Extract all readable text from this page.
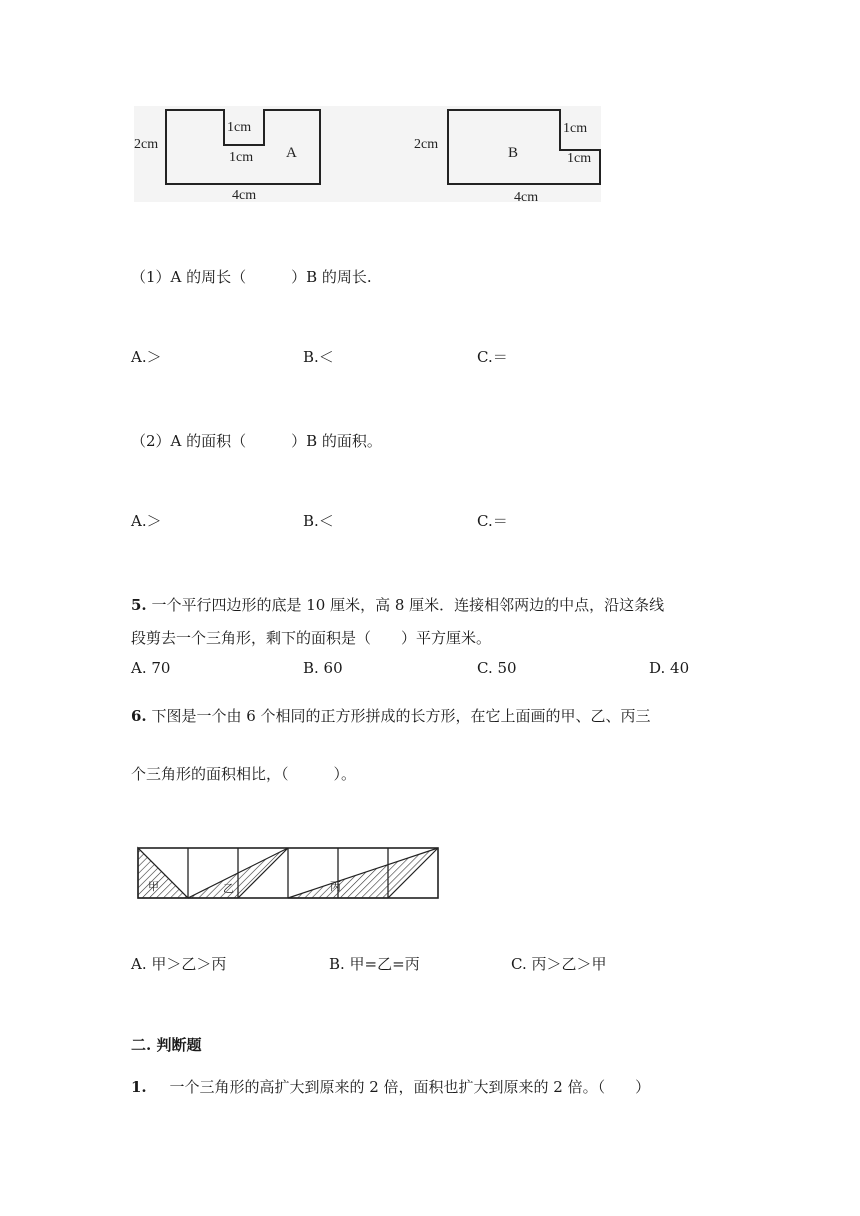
2cm
1cm
1cm A
4cm
2cm
1cm
1cm
B
4cm
（1）A 的周长（　　　）B 的周长.
A.＞	B.＜	C.＝
（2）A 的面积（　　　）B 的面积。
A.＞	B.＜	C.＝
5. 一个平行四边形的底是 10 厘米，高 8 厘米．连接相邻两边的中点，沿这条线
段剪去一个三角形，剩下的面积是（　　）平方厘米。
A. 70	B. 60	C. 50	D. 40
6. 下图是一个由 6 个相同的正方形拼成的长方形，在它上面画的甲、乙、丙三
个三角形的面积相比，（　　　）。
甲	乙	丙
A. 甲＞乙＞丙	B. 甲=乙=丙	C. 丙＞乙＞甲
二. 判断题
1. 一个三角形的高扩大到原来的 2 倍，面积也扩大到原来的 2 倍。（　　）
